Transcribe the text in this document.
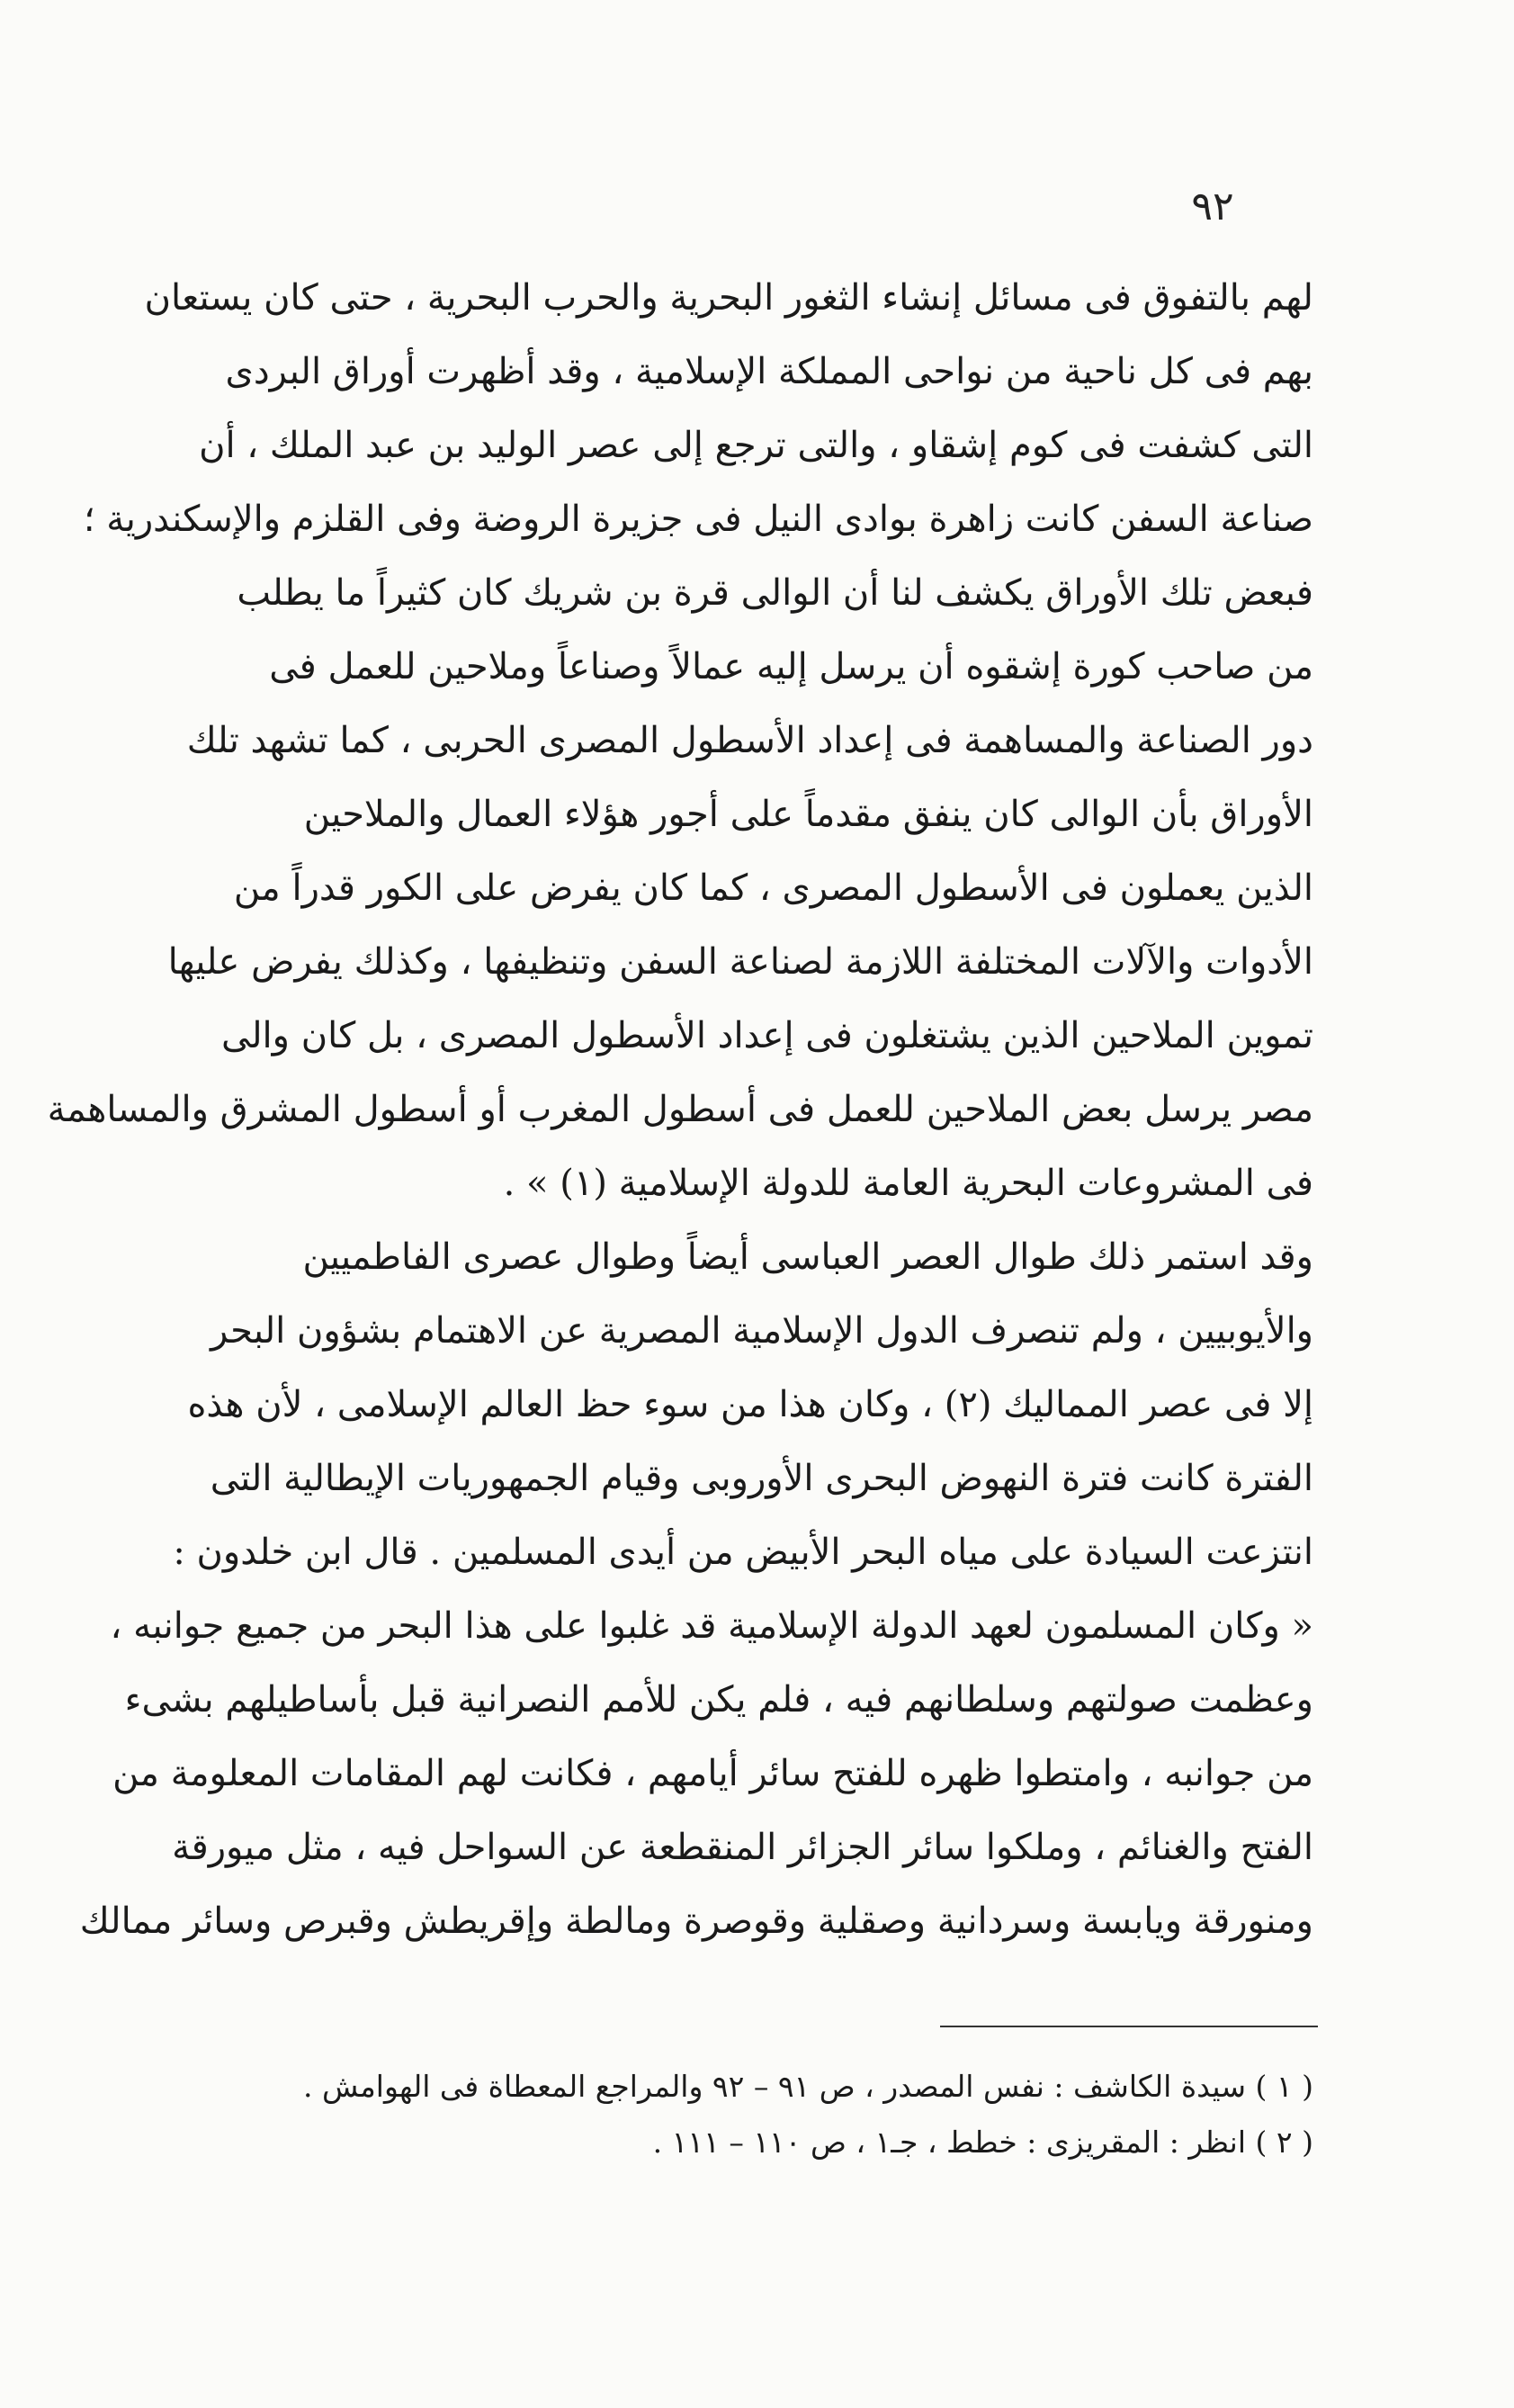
٩٢
لهم بالتفوق فى مسائل إنشاء الثغور البحرية والحرب البحرية ، حتى كان يستعان
بهم فى كل ناحية من نواحى المملكة الإسلامية ، وقد أظهرت أوراق البردى
التى كشفت فى كوم إشقاو ، والتى ترجع إلى عصر الوليد بن عبد الملك ، أن
صناعة السفن كانت زاهرة بوادى النيل فى جزيرة الروضة وفى القلزم والإسكندرية ؛
فبعض تلك الأوراق يكشف لنا أن الوالى قرة بن شريك كان كثيراً ما يطلب
من صاحب كورة إشقوه أن يرسل إليه عمالاً وصناعاً وملاحين للعمل فى
دور الصناعة والمساهمة فى إعداد الأسطول المصرى الحربى ، كما تشهد تلك
الأوراق بأن الوالى كان ينفق مقدماً على أجور هؤلاء العمال والملاحين
الذين يعملون فى الأسطول المصرى ، كما كان يفرض على الكور قدراً من
الأدوات والآلات المختلفة اللازمة لصناعة السفن وتنظيفها ، وكذلك يفرض عليها
تموين الملاحين الذين يشتغلون فى إعداد الأسطول المصرى ، بل كان والى
مصر يرسل بعض الملاحين للعمل فى أسطول المغرب أو أسطول المشرق والمساهمة
فى المشروعات البحرية العامة للدولة الإسلامية (١) » .
وقد استمر ذلك طوال العصر العباسى أيضاً وطوال عصرى الفاطميين
والأيوبيين ، ولم تنصرف الدول الإسلامية المصرية عن الاهتمام بشؤون البحر
إلا فى عصر المماليك (٢) ، وكان هذا من سوء حظ العالم الإسلامى ، لأن هذه
الفترة كانت فترة النهوض البحرى الأوروبى وقيام الجمهوريات الإيطالية التى
انتزعت السيادة على مياه البحر الأبيض من أيدى المسلمين . قال ابن خلدون :
« وكان المسلمون لعهد الدولة الإسلامية قد غلبوا على هذا البحر من جميع جوانبه ،
وعظمت صولتهم وسلطانهم فيه ، فلم يكن للأمم النصرانية قبل بأساطيلهم بشىء
من جوانبه ، وامتطوا ظهره للفتح سائر أيامهم ، فكانت لهم المقامات المعلومة من
الفتح والغنائم ، وملكوا سائر الجزائر المنقطعة عن السواحل فيه ، مثل ميورقة
ومنورقة ويابسة وسردانية وصقلية وقوصرة ومالطة وإقريطش وقبرص وسائر ممالك
( ١ ) سيدة الكاشف : نفس المصدر ، ص ٩١ – ٩٢ والمراجع المعطاة فى الهوامش .
( ٢ ) انظر : المقريزى : خطط ، جـ١ ، ص ١١٠ – ١١١ .
